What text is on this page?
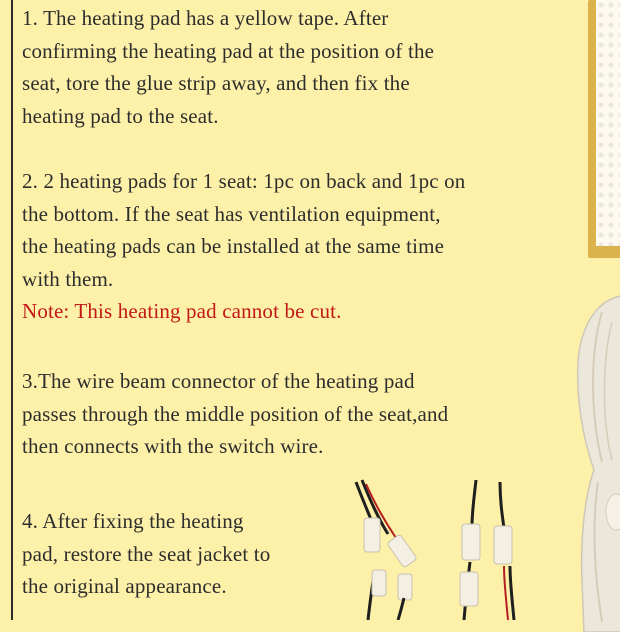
1. The heating pad has a yellow tape. After
confirming the heating pad at the position of the
seat, tore the glue strip away, and then fix the
heating pad to the seat.
2. 2 heating pads for 1 seat: 1pc on back and 1pc on
the bottom. If the seat has ventilation equipment,
the heating pads can be installed at the same time
with them.
Note: This heating pad cannot be cut.
3.The wire beam connector of the heating pad
passes through the middle position of the seat,and
then connects with the switch wire.
4. After fixing the heating
pad, restore the seat jacket to
the original appearance.
